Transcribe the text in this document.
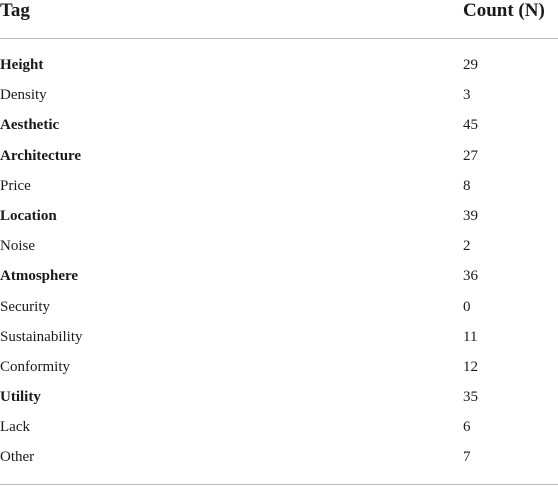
Tag	Count (N)
Height	29
Density	3
Aesthetic	45
Architecture	27
Price	8
Location	39
Noise	2
Atmosphere	36
Security	0
Sustainability	11
Conformity	12
Utility	35
Lack	6
Other	7
